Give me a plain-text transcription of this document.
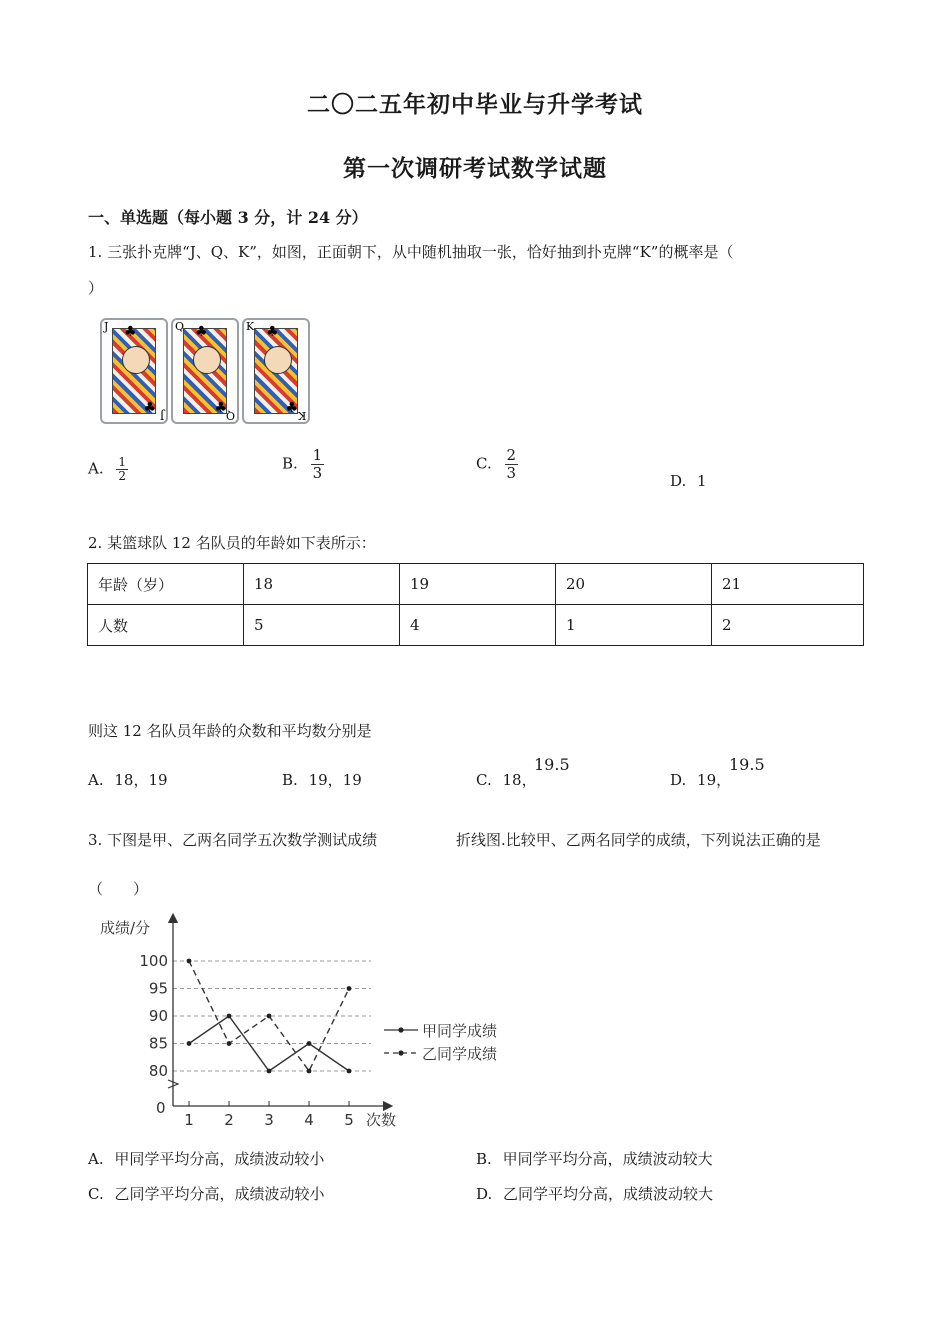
二〇二五年初中毕业与升学考试
第一次调研考试数学试题
一、单选题（每小题 3 分，计 24 分）
1. 三张扑克牌“J、Q、K”，如图，正面朝下，从中随机抽取一张，恰好抽到扑克牌“K”的概率是（
）
J ♣
♣ J
Q ♣
♣
Q
K ♣
♣ K
A. $\frac{1}{2}$	B. $\frac{1}{3}$	C. $\frac{2}{3}$	D. 1
2. 某篮球队 12 名队员的年龄如下表所示：
年龄（岁）	18	19	20	21
人数	5	4	1	2
则这 12 名队员年龄的众数和平均数分别是
A. 18，19	B. 19，19	C. 18，
19.5
D. 19，
19.5
3. 下图是甲、乙两名同学五次数学测试成绩	折线图.比较甲、乙两名同学的成绩，下列说法正确的是
（　　）
成绩/分
0
次数
80
85
90
95
100
1 2 3 4 5
甲同学成绩
乙同学成绩
A. 甲同学平均分高，成绩波动较小	B. 甲同学平均分高，成绩波动较大
C. 乙同学平均分高，成绩波动较小	D. 乙同学平均分高，成绩波动较大
